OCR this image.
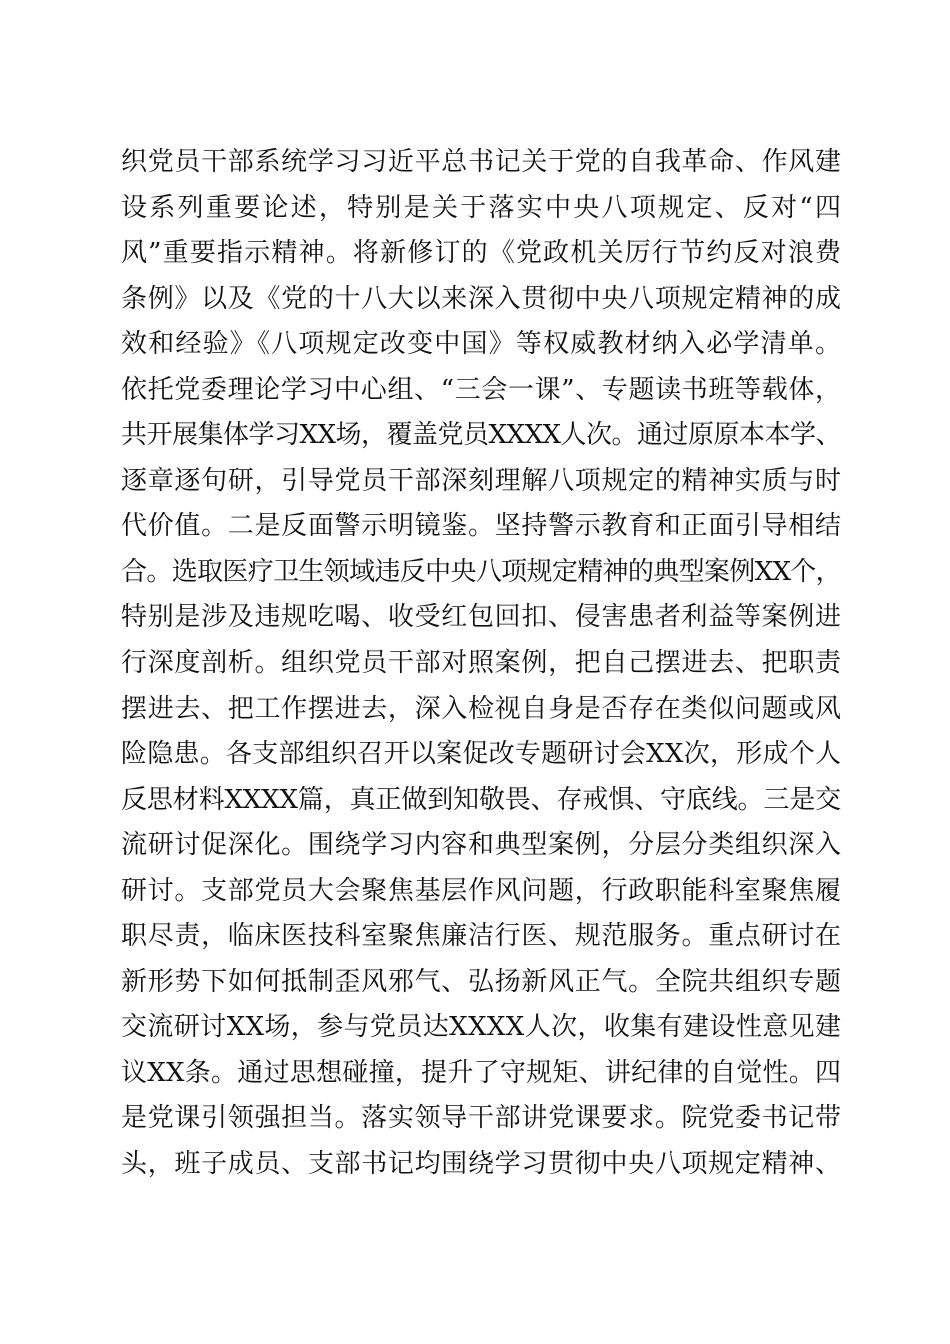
织党员干部系统学习习近平总书记关于党的自我革命、作风建
设系列重要论述，特别是关于落实中央八项规定、反对“四
风”重要指示精神。将新修订的《党政机关厉行节约反对浪费
条例》以及《党的十八大以来深入贯彻中央八项规定精神的成
效和经验》《八项规定改变中国》等权威教材纳入必学清单。
依托党委理论学习中心组、“三会一课”、专题读书班等载体，
共开展集体学习XX场，覆盖党员XXXX人次。通过原原本本学、
逐章逐句研，引导党员干部深刻理解八项规定的精神实质与时
代价值。二是反面警示明镜鉴。坚持警示教育和正面引导相结
合。选取医疗卫生领域违反中央八项规定精神的典型案例XX个，
特别是涉及违规吃喝、收受红包回扣、侵害患者利益等案例进
行深度剖析。组织党员干部对照案例，把自己摆进去、把职责
摆进去、把工作摆进去，深入检视自身是否存在类似问题或风
险隐患。各支部组织召开以案促改专题研讨会XX次，形成个人
反思材料XXXX篇，真正做到知敬畏、存戒惧、守底线。三是交
流研讨促深化。围绕学习内容和典型案例，分层分类组织深入
研讨。支部党员大会聚焦基层作风问题，行政职能科室聚焦履
职尽责，临床医技科室聚焦廉洁行医、规范服务。重点研讨在
新形势下如何抵制歪风邪气、弘扬新风正气。全院共组织专题
交流研讨XX场，参与党员达XXXX人次，收集有建设性意见建
议XX条。通过思想碰撞，提升了守规矩、讲纪律的自觉性。四
是党课引领强担当。落实领导干部讲党课要求。院党委书记带
头，班子成员、支部书记均围绕学习贯彻中央八项规定精神、
